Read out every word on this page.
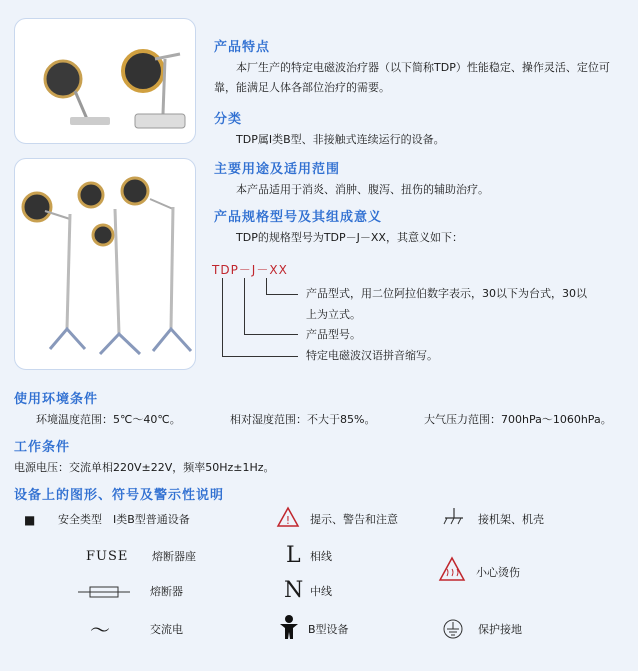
产品特点
本厂生产的特定电磁波治疗器（以下简称TDP）性能稳定、操作灵活、定位可靠，能满足人体各部位治疗的需要。
分类
TDP属I类B型、非接触式连续运行的设备。
主要用途及适用范围
本产品适用于消炎、消肿、腹泻、扭伤的辅助治疗。
产品规格型号及其组成意义
TDP的规格型号为TDP－J－XX，其意义如下：
TDP－J－XX
产品型式，用二位阿拉伯数字表示，30以下为台式，30以
上为立式。
产品型号。
特定电磁波汉语拼音缩写。
使用环境条件
环境温度范围：5℃～40℃。	相对湿度范围：不大于85%。	大气压力范围：700hPa～1060hPa。
工作条件
电源电压：交流单相220V±22V，频率50Hz±1Hz。
设备上的图形、符号及警示性说明
■ 安全类型　Ⅰ类B型普通设备	! 提示、警告和注意	接机架、机壳
FUSE 熔断器座	L 相线
小心烫伤
熔断器	N 中线
～	交流电	B型设备	保护接地
